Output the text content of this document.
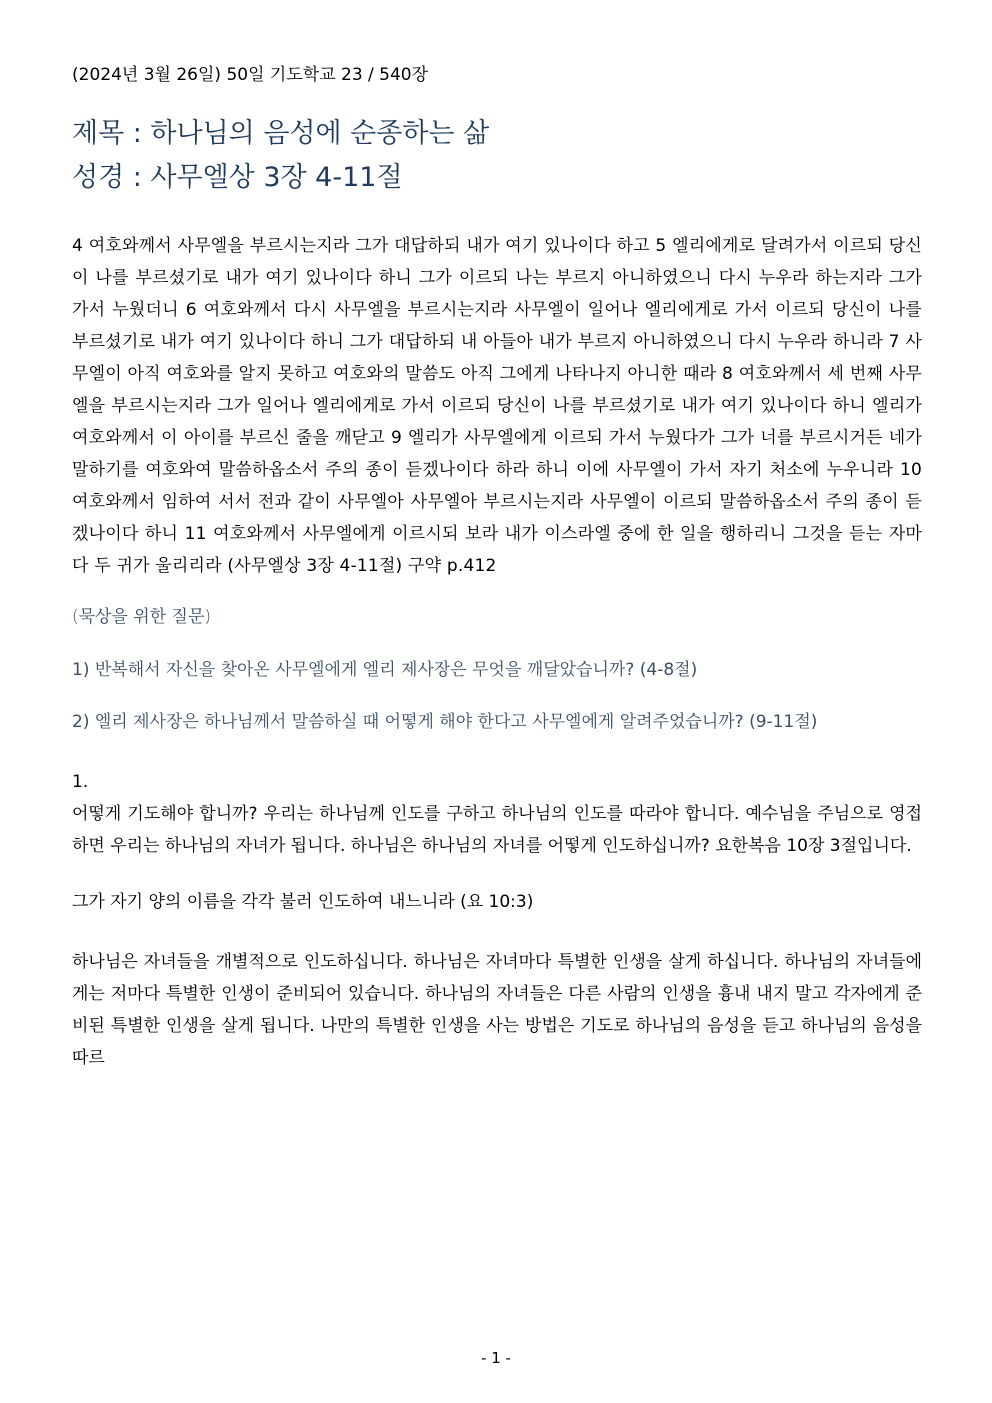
(2024년 3월 26일) 50일 기도학교 23 / 540장
제목 : 하나님의 음성에 순종하는 삶
성경 : 사무엘상 3장 4-11절
4 여호와께서 사무엘을 부르시는지라 그가 대답하되 내가 여기 있나이다 하고 5 엘리에게로 달려가서 이르되 당신이 나를 부르셨기로 내가 여기 있나이다 하니 그가 이르되 나는 부르지 아니하였으니 다시 누우라 하는지라 그가 가서 누웠더니 6 여호와께서 다시 사무엘을 부르시는지라 사무엘이 일어나 엘리에게로 가서 이르되 당신이 나를 부르셨기로 내가 여기 있나이다 하니 그가 대답하되 내 아들아 내가 부르지 아니하였으니 다시 누우라 하니라 7 사무엘이 아직 여호와를 알지 못하고 여호와의 말씀도 아직 그에게 나타나지 아니한 때라 8 여호와께서 세 번째 사무엘을 부르시는지라 그가 일어나 엘리에게로 가서 이르되 당신이 나를 부르셨기로 내가 여기 있나이다 하니 엘리가 여호와께서 이 아이를 부르신 줄을 깨닫고 9 엘리가 사무엘에게 이르되 가서 누웠다가 그가 너를 부르시거든 네가 말하기를 여호와여 말씀하옵소서 주의 종이 듣겠나이다 하라 하니 이에 사무엘이 가서 자기 처소에 누우니라 10 여호와께서 임하여 서서 전과 같이 사무엘아 사무엘아 부르시는지라 사무엘이 이르되 말씀하옵소서 주의 종이 듣겠나이다 하니 11 여호와께서 사무엘에게 이르시되 보라 내가 이스라엘 중에 한 일을 행하리니 그것을 듣는 자마다 두 귀가 울리리라 (사무엘상 3장 4-11절) 구약 p.412
(묵상을 위한 질문)
1) 반복해서 자신을 찾아온 사무엘에게 엘리 제사장은 무엇을 깨달았습니까? (4-8절)
2) 엘리 제사장은 하나님께서 말씀하실 때 어떻게 해야 한다고 사무엘에게 알려주었습니까? (9-11절)
1.
어떻게 기도해야 합니까? 우리는 하나님께 인도를 구하고 하나님의 인도를 따라야 합니다. 예수님을 주님으로 영접하면 우리는 하나님의 자녀가 됩니다. 하나님은 하나님의 자녀를 어떻게 인도하십니까? 요한복음 10장 3절입니다.
그가 자기 양의 이름을 각각 불러 인도하여 내느니라 (요 10:3)
하나님은 자녀들을 개별적으로 인도하십니다. 하나님은 자녀마다 특별한 인생을 살게 하십니다. 하나님의 자녀들에게는 저마다 특별한 인생이 준비되어 있습니다. 하나님의 자녀들은 다른 사람의 인생을 흉내 내지 말고 각자에게 준비된 특별한 인생을 살게 됩니다. 나만의 특별한 인생을 사는 방법은 기도로 하나님의 음성을 듣고 하나님의 음성을 따르
- 1 -
